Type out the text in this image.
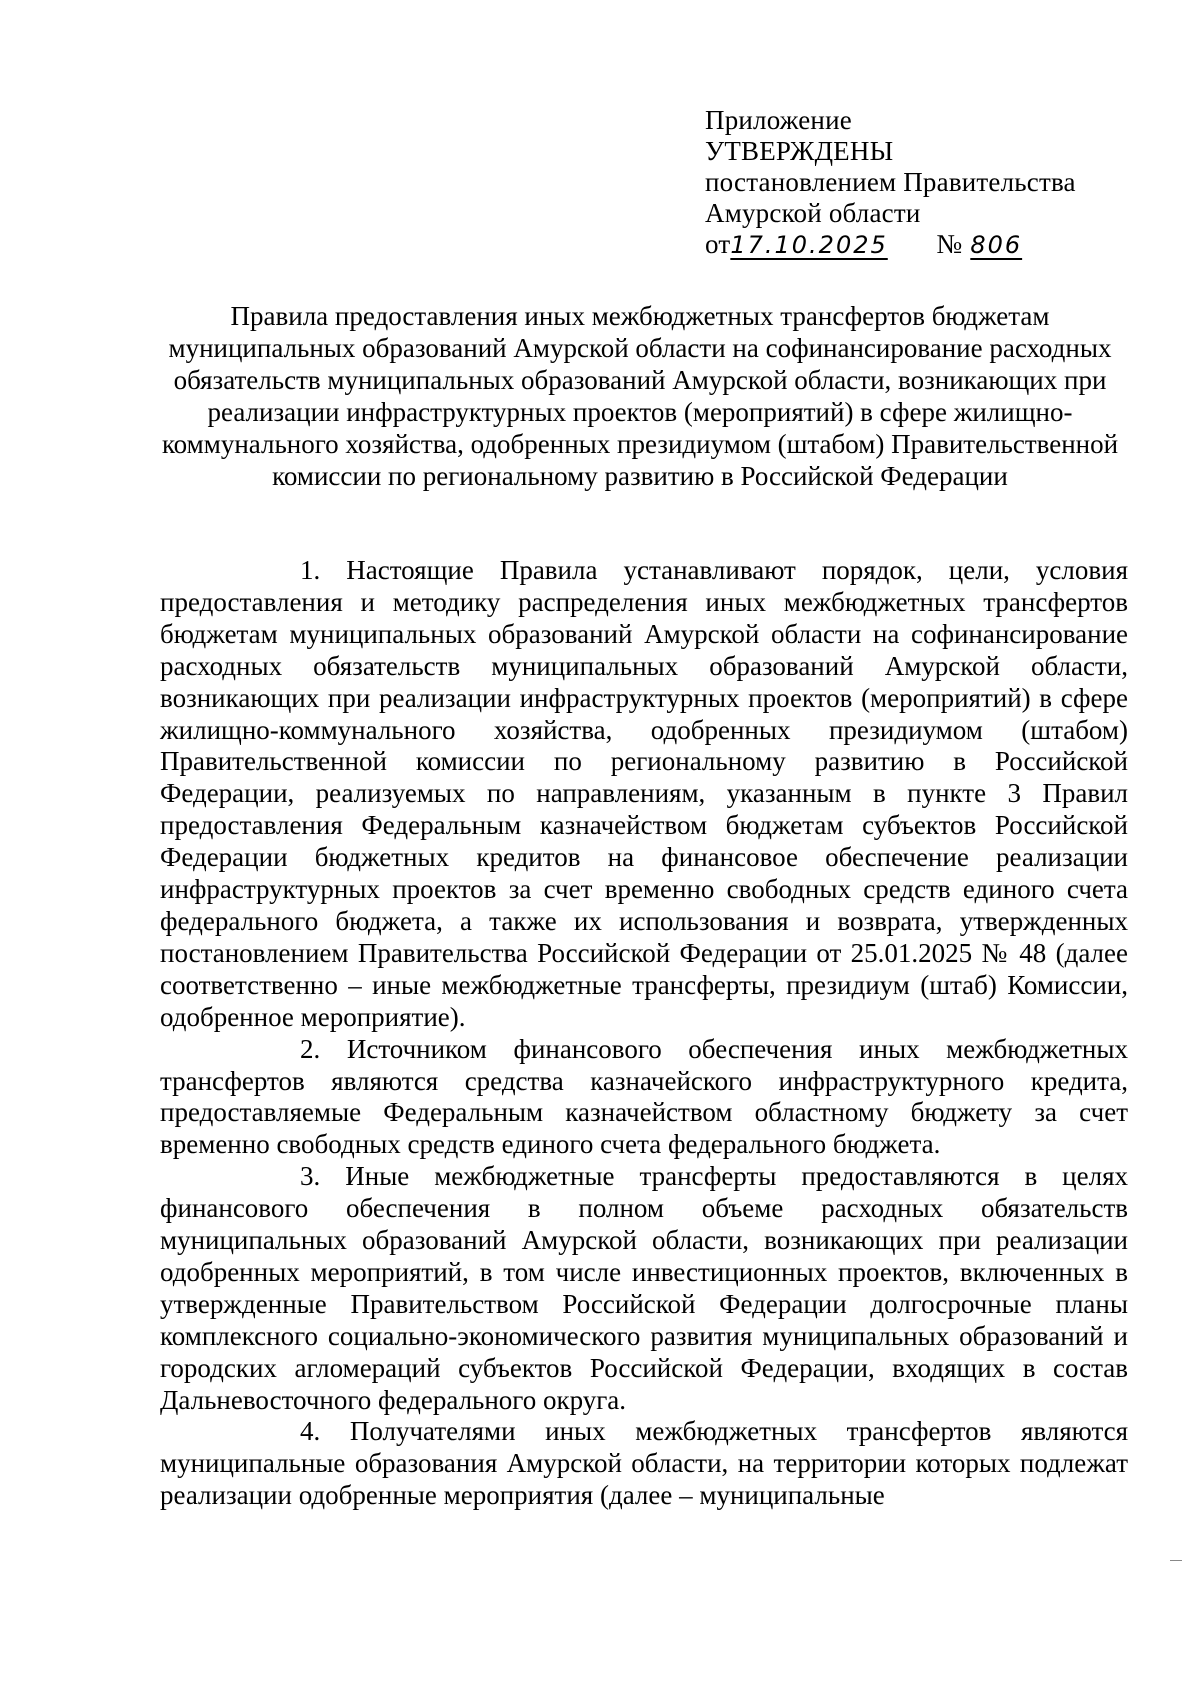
Приложение
УТВЕРЖДЕНЫ
постановлением Правительства
Амурской области
от17.10.2025 № 806
Правила предоставления иных межбюджетных трансфертов бюджетам муниципальных образований Амурской области на софинансирование расходных обязательств муниципальных образований Амурской области, возникающих при реализации инфраструктурных проектов (мероприятий) в сфере жилищно-коммунального хозяйства, одобренных президиумом (штабом) Правительственной комиссии по региональному развитию в Российской Федерации

1. Настоящие Правила устанавливают порядок, цели, условия предоставления и методику распределения иных межбюджетных трансфертов бюджетам муниципальных образований Амурской области на софинансирование расходных обязательств муниципальных образований Амурской области, возникающих при реализации инфраструктурных проектов (мероприятий) в сфере жилищно-коммунального хозяйства, одобренных президиумом (штабом) Правительственной комиссии по региональному развитию в Российской Федерации, реализуемых по направлениям, указанным в пункте 3 Правил предоставления Федеральным казначейством бюджетам субъектов Российской Федерации бюджетных кредитов на финансовое обеспечение реализации инфраструктурных проектов за счет временно свободных средств единого счета федерального бюджета, а также их использования и возврата, утвержденных постановлением Правительства Российской Федерации от 25.01.2025 № 48 (далее соответственно – иные межбюджетные трансферты, президиум (штаб) Комиссии, одобренное мероприятие).

2. Источником финансового обеспечения иных межбюджетных трансфертов являются средства казначейского инфраструктурного кредита, предоставляемые Федеральным казначейством областному бюджету за счет временно свободных средств единого счета федерального бюджета.

3. Иные межбюджетные трансферты предоставляются в целях финансового обеспечения в полном объеме расходных обязательств муниципальных образований Амурской области, возникающих при реализации одобренных мероприятий, в том числе инвестиционных проектов, включенных в утвержденные Правительством Российской Федерации долгосрочные планы комплексного социально-экономического развития муниципальных образований и городских агломераций субъектов Российской Федерации, входящих в состав Дальневосточного федерального округа.

4. Получателями иных межбюджетных трансфертов являются муниципальные образования Амурской области, на территории которых подлежат реализации одобренные мероприятия (далее – муниципальные
